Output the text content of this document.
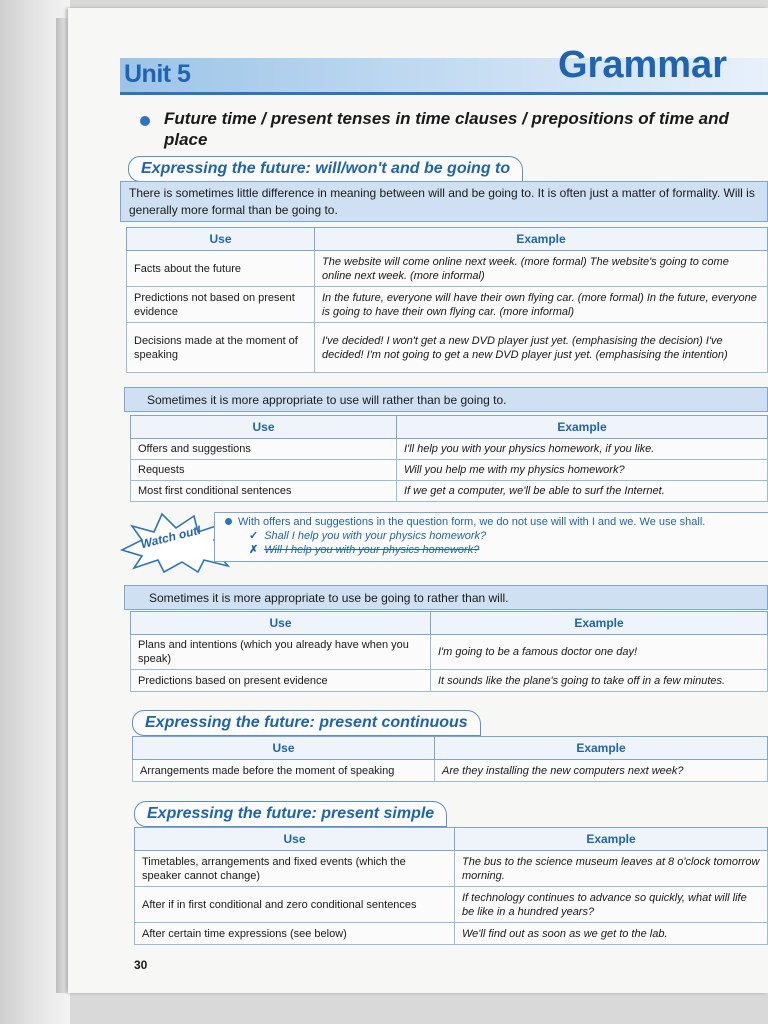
Unit 5	Grammar
Future time / present tenses in time clauses / prepositions of time and place
Expressing the future: will/won't and be going to
There is sometimes little difference in meaning between will and be going to. It is often just a matter of formality. Will is generally more formal than be going to.
Use	Example
Facts about the future	The website will come online next week. (more formal) The website's going to come online next week. (more informal)
Predictions not based on present evidence	In the future, everyone will have their own flying car. (more formal) In the future, everyone is going to have their own flying car. (more informal)
Decisions made at the moment of speaking	I've decided! I won't get a new DVD player just yet. (emphasising the decision) I've decided! I'm not going to get a new DVD player just yet. (emphasising the intention)
Sometimes it is more appropriate to use will rather than be going to.
Use	Example
Offers and suggestions	I'll help you with your physics homework, if you like.
Requests	Will you help me with my physics homework?
Most first conditional sentences	If we get a computer, we'll be able to surf the Internet.
Watch out!
With offers and suggestions in the question form, we do not use will with I and we. We use shall.
✓ Shall I help you with your physics homework?
✗ Will I help you with your physics homework?
Sometimes it is more appropriate to use be going to rather than will.
Use	Example
Plans and intentions (which you already have when you speak)	I'm going to be a famous doctor one day!
Predictions based on present evidence	It sounds like the plane's going to take off in a few minutes.
Expressing the future: present continuous
Use	Example
Arrangements made before the moment of speaking	Are they installing the new computers next week?
Expressing the future: present simple
Use	Example
Timetables, arrangements and fixed events (which the speaker cannot change)	The bus to the science museum leaves at 8 o'clock tomorrow morning.
After if in first conditional and zero conditional sentences	If technology continues to advance so quickly, what will life be like in a hundred years?
After certain time expressions (see below)	We'll find out as soon as we get to the lab.
30
